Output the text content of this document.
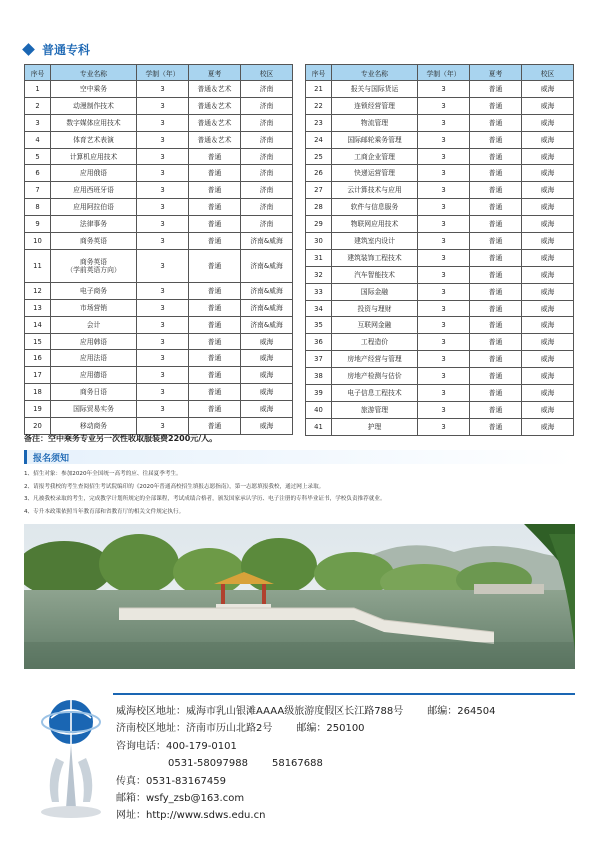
普通专科
序号	专业名称	学制（年）	夏考	校区
1	空中乘务	3	普通＆艺术	济南
2	动漫制作技术	3	普通＆艺术	济南
3	数字媒体应用技术	3	普通＆艺术	济南
4	体育艺术表演	3	普通＆艺术	济南
5	计算机应用技术	3	普通	济南
6	应用俄语	3	普通	济南
7	应用西班牙语	3	普通	济南
8	应用阿拉伯语	3	普通	济南
9	法律事务	3	普通	济南
10	商务英语	3	普通	济南&威海
11	商务英语
（学前英语方向）	3	普通	济南&威海
12	电子商务	3	普通	济南&威海
13	市场营销	3	普通	济南&威海
14	会计	3	普通	济南&威海
15	应用韩语	3	普通	威海
16	应用法语	3	普通	威海
17	应用德语	3	普通	威海
18	商务日语	3	普通	威海
19	国际贸易实务	3	普通	威海
20	移动商务	3	普通	威海
序号	专业名称	学制（年）	夏考	校区
21	报关与国际货运	3	普通	威海
22	连锁经营管理	3	普通	威海
23	物流管理	3	普通	威海
24	国际邮轮乘务管理	3	普通	威海
25	工商企业管理	3	普通	威海
26	快递运营管理	3	普通	威海
27	云计算技术与应用	3	普通	威海
28	软件与信息服务	3	普通	威海
29	物联网应用技术	3	普通	威海
30	建筑室内设计	3	普通	威海
31	建筑装饰工程技术	3	普通	威海
32	汽车智能技术	3	普通	威海
33	国际金融	3	普通	威海
34	投资与理财	3	普通	威海
35	互联网金融	3	普通	威海
36	工程造价	3	普通	威海
37	房地产经营与管理	3	普通	威海
38	房地产检测与估价	3	普通	威海
39	电子信息工程技术	3	普通	威海
40	旅游管理	3	普通	威海
41	护理	3	普通	威海
备注：空中乘务专业另一次性收取服装费2200元/人。
报名须知
1、招生对象：参加2020年全国统一高考的应、往届夏季考生。
2、请报考我校的考生查阅招生考试院编印的《2020年普通高校招生填报志愿指南》，第一志愿填报我校，通过网上录取。
3、凡被我校录取的考生，完成教学计划所规定的全部课程，考试成绩合格者，颁发国家承认学历、电子注册的专科毕业证书，学校负责推荐就业。
4、专升本政策依照当年教育部和省教育厅的相关文件规定执行。
威海校区地址：威海市乳山银滩AAAA级旅游度假区长江路788号 邮编：264504
济南校区地址：济南市历山北路2号 邮编：250100
咨询电话：400-179-0101
0531-58097988 58167688
传真：0531-83167459
邮箱：wsfy_zsb@163.com
网址：http://www.sdws.edu.cn
